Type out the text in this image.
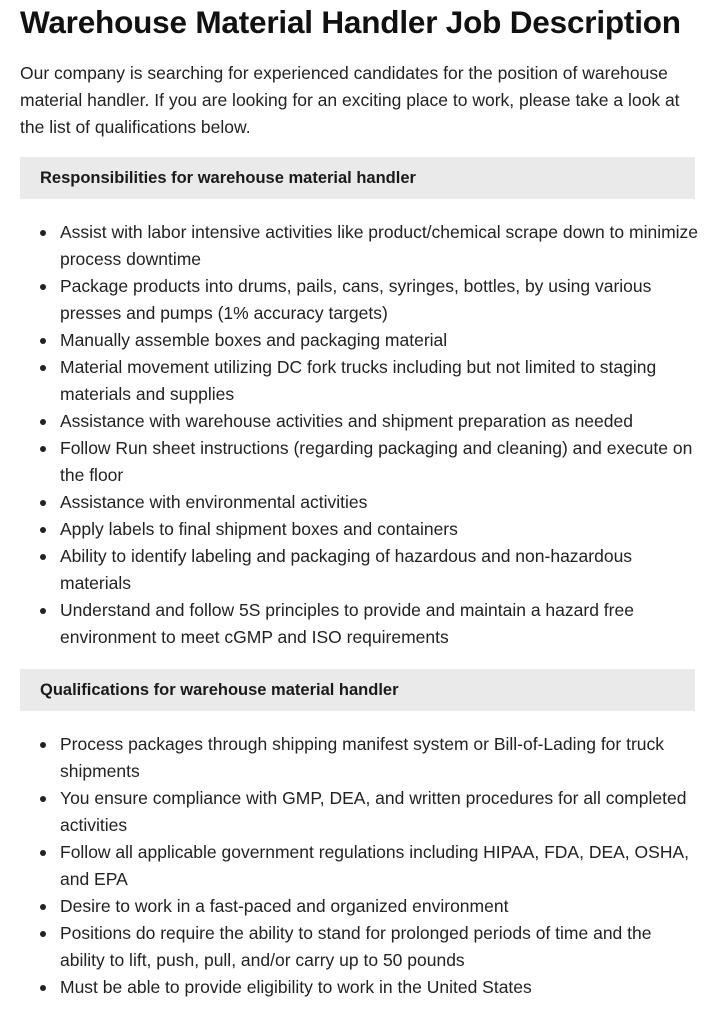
Warehouse Material Handler Job Description

Our company is searching for experienced candidates for the position of warehouse material handler. If you are looking for an exciting place to work, please take a look at the list of qualifications below.

Responsibilities for warehouse material handler
Assist with labor intensive activities like product/chemical scrape down to minimize process downtime
Package products into drums, pails, cans, syringes, bottles, by using various presses and pumps (1% accuracy targets)
Manually assemble boxes and packaging material
Material movement utilizing DC fork trucks including but not limited to staging materials and supplies
Assistance with warehouse activities and shipment preparation as needed
Follow Run sheet instructions (regarding packaging and cleaning) and execute on the floor
Assistance with environmental activities
Apply labels to final shipment boxes and containers
Ability to identify labeling and packaging of hazardous and non-hazardous materials
Understand and follow 5S principles to provide and maintain a hazard free environment to meet cGMP and ISO requirements
Qualifications for warehouse material handler
Process packages through shipping manifest system or Bill-of-Lading for truck shipments
You ensure compliance with GMP, DEA, and written procedures for all completed activities
Follow all applicable government regulations including HIPAA, FDA, DEA, OSHA, and EPA
Desire to work in a fast-paced and organized environment
Positions do require the ability to stand for prolonged periods of time and the ability to lift, push, pull, and/or carry up to 50 pounds
Must be able to provide eligibility to work in the United States
